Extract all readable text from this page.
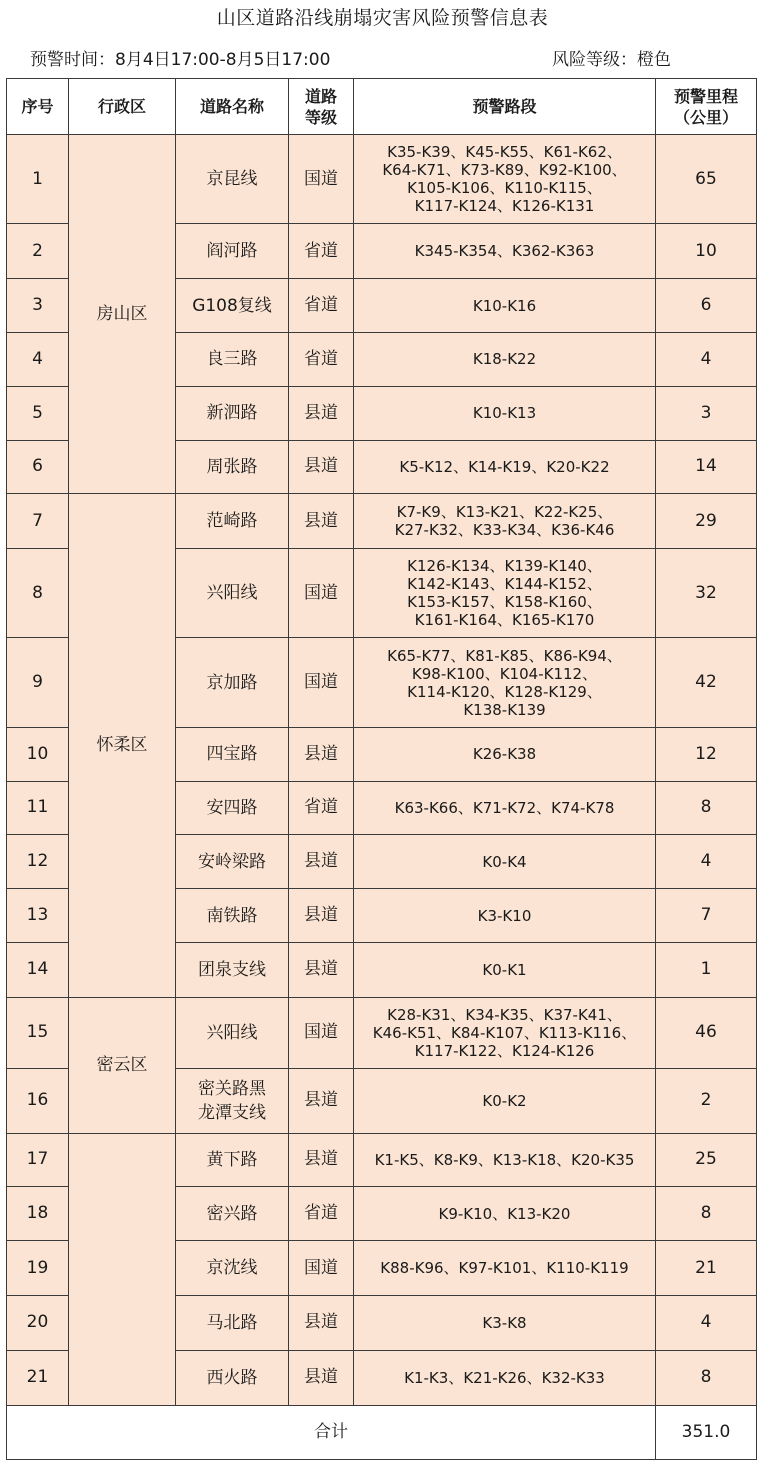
山区道路沿线崩塌灾害风险预警信息表
预警时间：8月4日17:00-8月5日17:00	风险等级：橙色
序号	行政区	道路名称	道路
等级	预警路段	预警里程
（公里）
1	房山区	京昆线	国道	K35-K39、K45-K55、K61-K62、
K64-K71、K73-K89、K92-K100、
K105-K106、K110-K115、
K117-K124、K126-K131	65
2		阎河路	省道	K345-K354、K362-K363	10
3		G108复线	省道	K10-K16	6
4		良三路	省道	K18-K22	4
5		新泗路	县道	K10-K13	3
6		周张路	县道	K5-K12、K14-K19、K20-K22	14
7	怀柔区	范崎路	县道	K7-K9、K13-K21、K22-K25、
K27-K32、K33-K34、K36-K46	29
8		兴阳线	国道	K126-K134、K139-K140、
K142-K143、K144-K152、
K153-K157、K158-K160、
K161-K164、K165-K170	32
9		京加路	国道	K65-K77、K81-K85、K86-K94、
K98-K100、K104-K112、
K114-K120、K128-K129、
K138-K139	42
10		四宝路	县道	K26-K38	12
11		安四路	省道	K63-K66、K71-K72、K74-K78	8
12		安岭梁路	县道	K0-K4	4
13		南铁路	县道	K3-K10	7
14		团泉支线	县道	K0-K1	1
15	密云区	兴阳线	国道	K28-K31、K34-K35、K37-K41、
K46-K51、K84-K107、K113-K116、
K117-K122、K124-K126	46
16		密关路黑
龙潭支线	县道	K0-K2	2
17		黄下路	县道	K1-K5、K8-K9、K13-K18、K20-K35	25
18		密兴路	省道	K9-K10、K13-K20	8
19		京沈线	国道	K88-K96、K97-K101、K110-K119	21
20		马北路	县道	K3-K8	4
21		西火路	县道	K1-K3、K21-K26、K32-K33	8
合计					351.0
